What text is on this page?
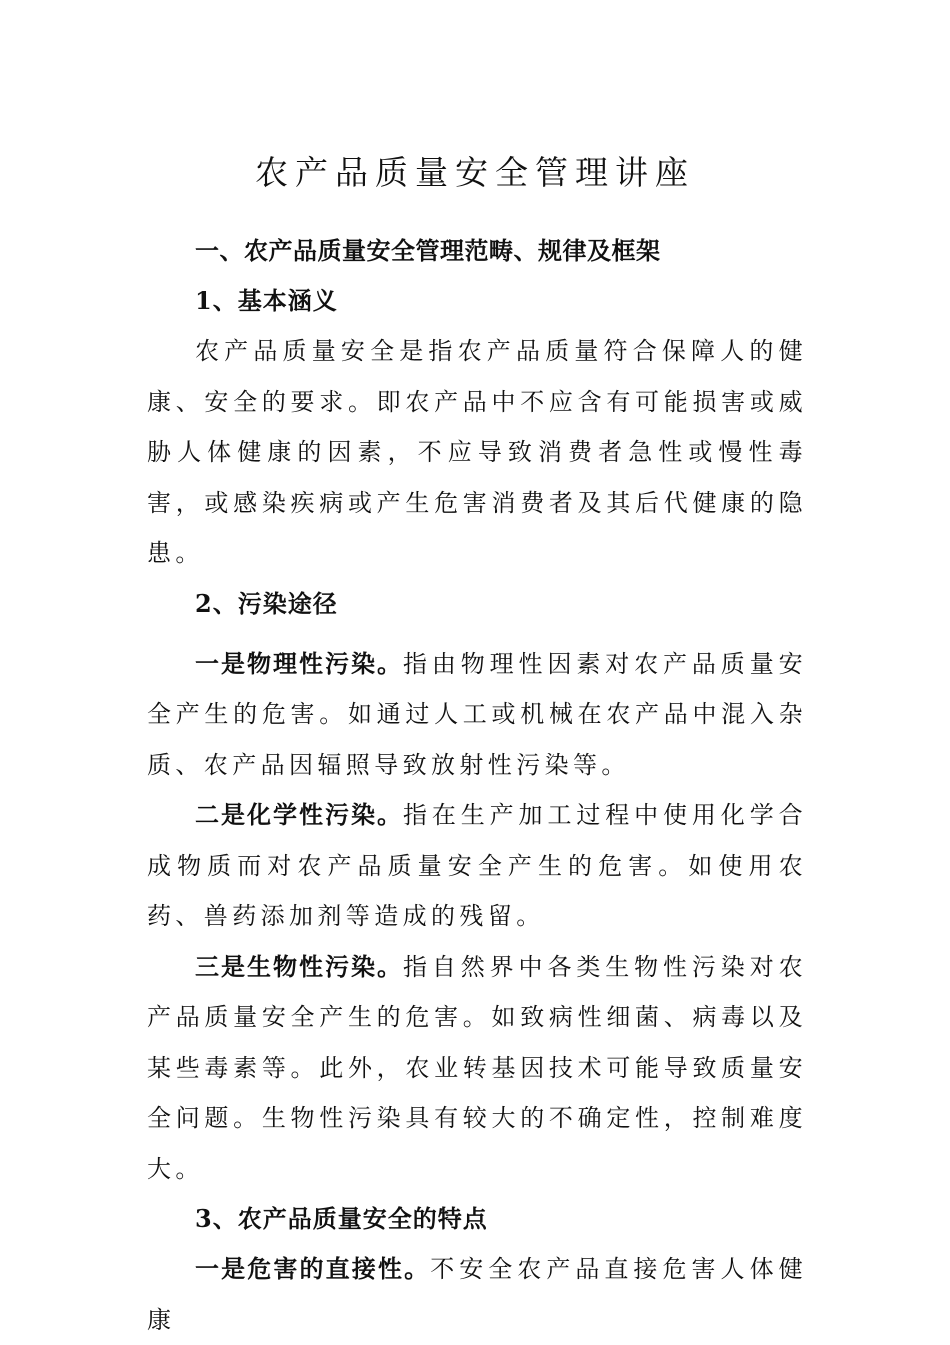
农产品质量安全管理讲座

一、农产品质量安全管理范畴、规律及框架

1、基本涵义

农产品质量安全是指农产品质量符合保障人的健康、安全的要求。即农产品中不应含有可能损害或威胁人体健康的因素，不应导致消费者急性或慢性毒害，或感染疾病或产生危害消费者及其后代健康的隐患。

2、污染途径

一是物理性污染。指由物理性因素对农产品质量安全产生的危害。如通过人工或机械在农产品中混入杂质、农产品因辐照导致放射性污染等。

二是化学性污染。指在生产加工过程中使用化学合成物质而对农产品质量安全产生的危害。如使用农药、兽药添加剂等造成的残留。

三是生物性污染。指自然界中各类生物性污染对农产品质量安全产生的危害。如致病性细菌、病毒以及某些毒素等。此外，农业转基因技术可能导致质量安全问题。生物性污染具有较大的不确定性，控制难度大。

3、农产品质量安全的特点

一是危害的直接性。不安全农产品直接危害人体健康
